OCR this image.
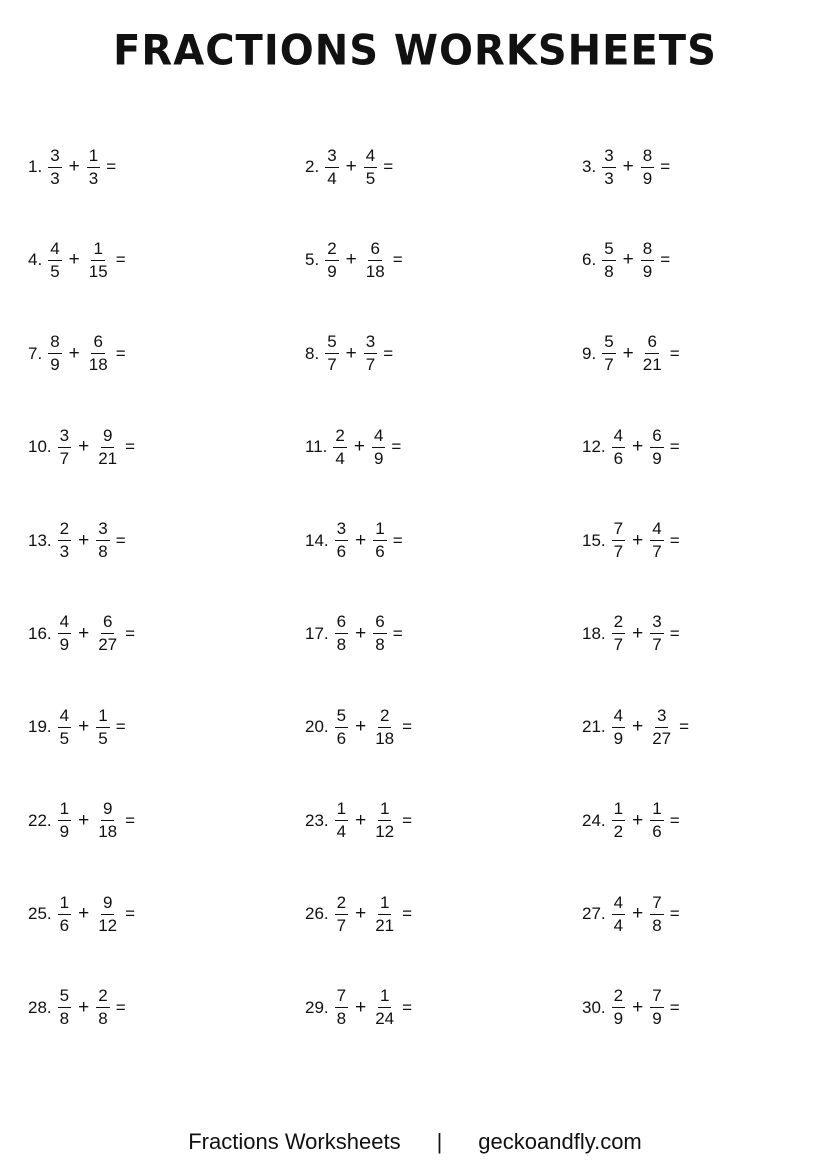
FRACTIONS WORKSHEETS
1. $\frac{3}{3} + \frac{1}{3}$ =	2. $\frac{3}{4} + \frac{4}{5}$ =	3. $\frac{3}{3} + \frac{8}{9}$ =
4. $\frac{4}{5} + \frac{1}{15}$ =	5. $\frac{2}{9} + \frac{6}{18}$ =	6. $\frac{5}{8} + \frac{8}{9}$ =
7. $\frac{8}{9} + \frac{6}{18}$ =	8. $\frac{5}{7} + \frac{3}{7}$ =	9. $\frac{5}{7} + \frac{6}{21}$ =
10. $\frac{3}{7} + \frac{9}{21}$ =	11. $\frac{2}{4} + \frac{4}{9}$ =	12. $\frac{4}{6} + \frac{6}{9}$ =
13. $\frac{2}{3} + \frac{3}{8}$ =	14. $\frac{3}{6} + \frac{1}{6}$ =	15. $\frac{7}{7} + \frac{4}{7}$ =
16. $\frac{4}{9} + \frac{6}{27}$ =	17. $\frac{6}{8} + \frac{6}{8}$ =	18. $\frac{2}{7} + \frac{3}{7}$ =
19. $\frac{4}{5} + \frac{1}{5}$ =	20. $\frac{5}{6} + \frac{2}{18}$ =	21. $\frac{4}{9} + \frac{3}{27}$ =
22. $\frac{1}{9} + \frac{9}{18}$ =	23. $\frac{1}{4} + \frac{1}{12}$ =	24. $\frac{1}{2} + \frac{1}{6}$ =
25. $\frac{1}{6} + \frac{9}{12}$ =	26. $\frac{2}{7} + \frac{1}{21}$ =	27. $\frac{4}{4} + \frac{7}{8}$ =
28. $\frac{5}{8} + \frac{2}{8}$ =	29. $\frac{7}{8} + \frac{1}{24}$ =	30. $\frac{2}{9} + \frac{7}{9}$ =
Fractions Worksheets | geckoandfly.com
